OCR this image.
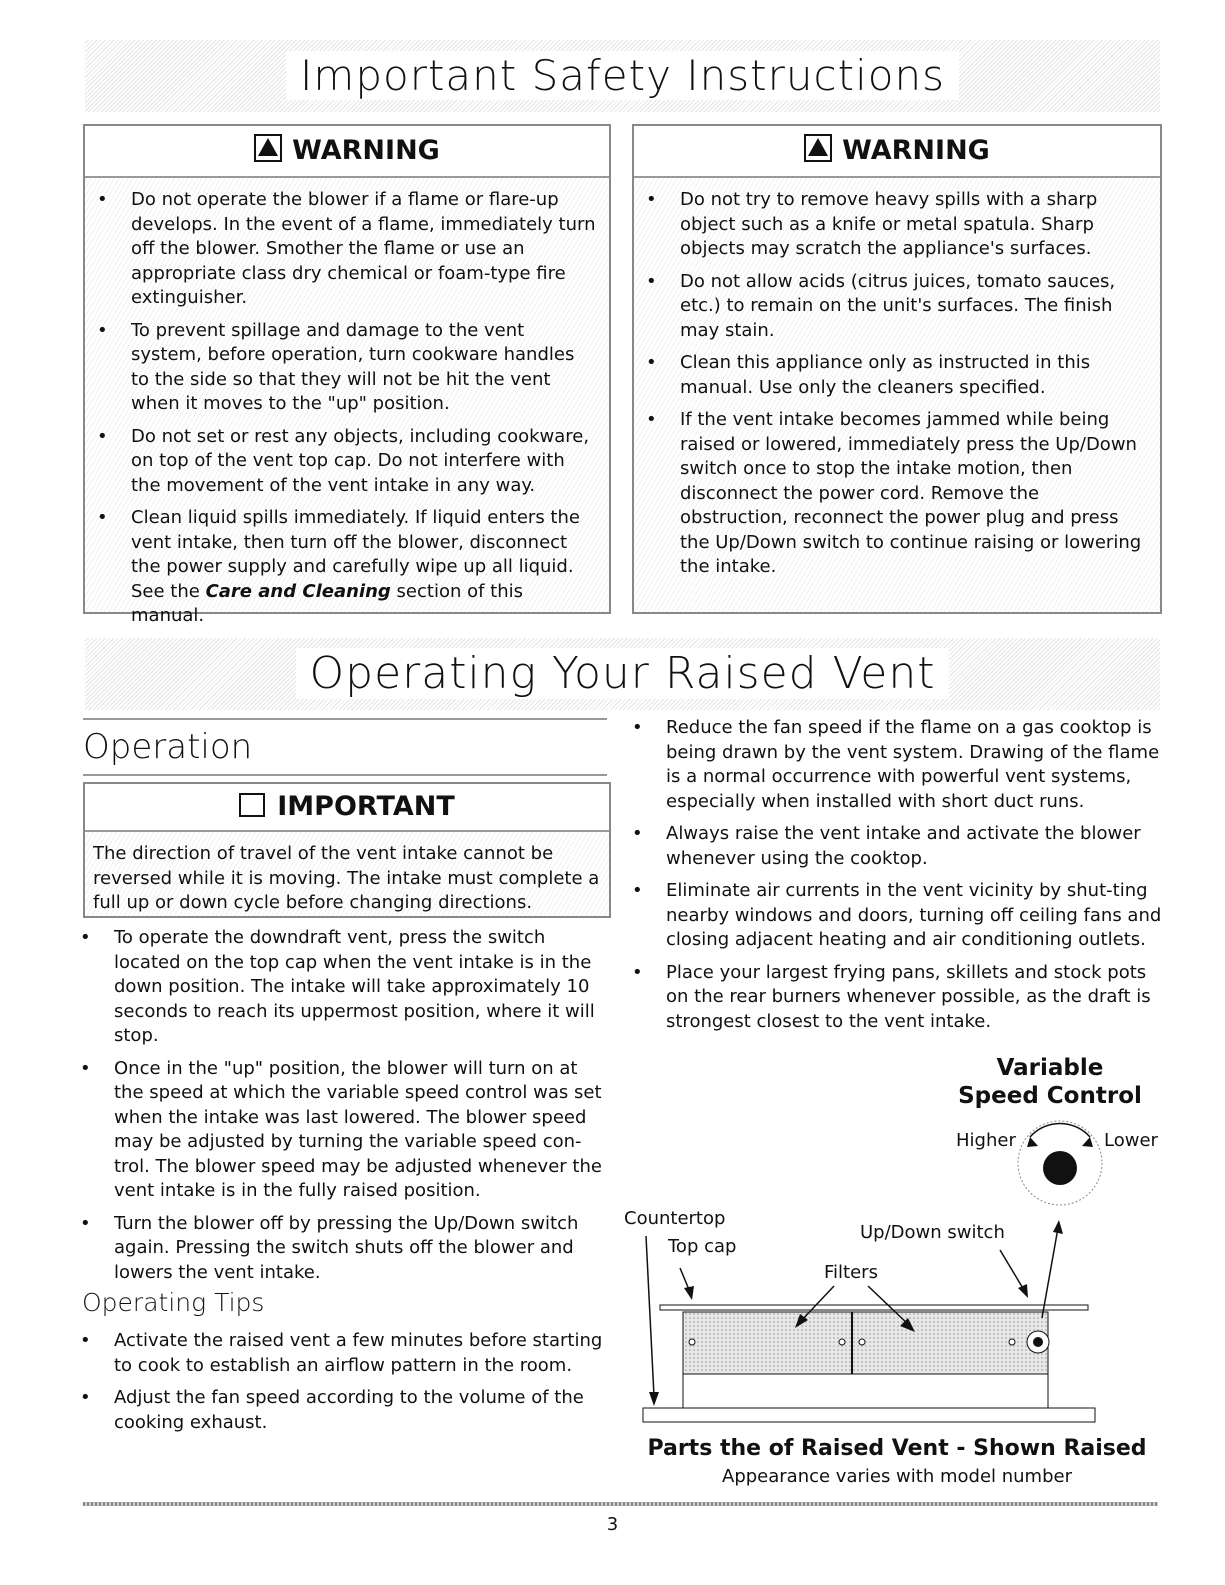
Important Safety Instructions
WARNING
• Do not operate the blower if a flame or flare-up develops. In the event of a flame, immediately turn off the blower. Smother the flame or use an appropriate class dry chemical or foam-type fire extinguisher.
• To prevent spillage and damage to the vent system, before operation, turn cookware handles to the side so that they will not be hit the vent when it moves to the "up" position.
• Do not set or rest any objects, including cookware, on top of the vent top cap. Do not interfere with the movement of the vent intake in any way.
• Clean liquid spills immediately. If liquid enters the vent intake, then turn off the blower, disconnect the power supply and carefully wipe up all liquid. See the Care and Cleaning section of this manual.
WARNING
• Do not try to remove heavy spills with a sharp object such as a knife or metal spatula. Sharp objects may scratch the appliance's surfaces.
• Do not allow acids (citrus juices, tomato sauces, etc.) to remain on the unit's surfaces. The finish may stain.
• Clean this appliance only as instructed in this manual. Use only the cleaners specified.
• If the vent intake becomes jammed while being raised or lowered, immediately press the Up/Down switch once to stop the intake motion, then disconnect the power cord. Remove the obstruction, reconnect the power plug and press the Up/Down switch to continue raising or lowering the intake.
Operating Your Raised Vent
Operation
IMPORTANT
The direction of travel of the vent intake cannot be reversed while it is moving. The intake must complete a full up or down cycle before changing directions.
• To operate the downdraft vent, press the switch located on the top cap when the vent intake is in the down position. The intake will take approximately 10 seconds to reach its uppermost position, where it will stop.
• Once in the "up" position, the blower will turn on at the speed at which the variable speed control was set when the intake was last lowered. The blower speed may be adjusted by turning the variable speed con-trol. The blower speed may be adjusted whenever the vent intake is in the fully raised position.
• Turn the blower off by pressing the Up/Down switch again. Pressing the switch shuts off the blower and lowers the vent intake.
Operating Tips
• Activate the raised vent a few minutes before starting to cook to establish an airflow pattern in the room.
• Adjust the fan speed according to the volume of the cooking exhaust.
• Reduce the fan speed if the flame on a gas cooktop is being drawn by the vent system. Drawing of the flame is a normal occurrence with powerful vent systems, especially when installed with short duct runs.
• Always raise the vent intake and activate the blower whenever using the cooktop.
• Eliminate air currents in the vent vicinity by shut-ting nearby windows and doors, turning off ceiling fans and closing adjacent heating and air conditioning outlets.
• Place your largest frying pans, skillets and stock pots on the rear burners whenever possible, as the draft is strongest closest to the vent intake.
Variable
Speed Control
Higher	Lower
Countertop
Top cap
Up/Down switch
Filters
Parts the of Raised Vent - Shown Raised
Appearance varies with model number
3
